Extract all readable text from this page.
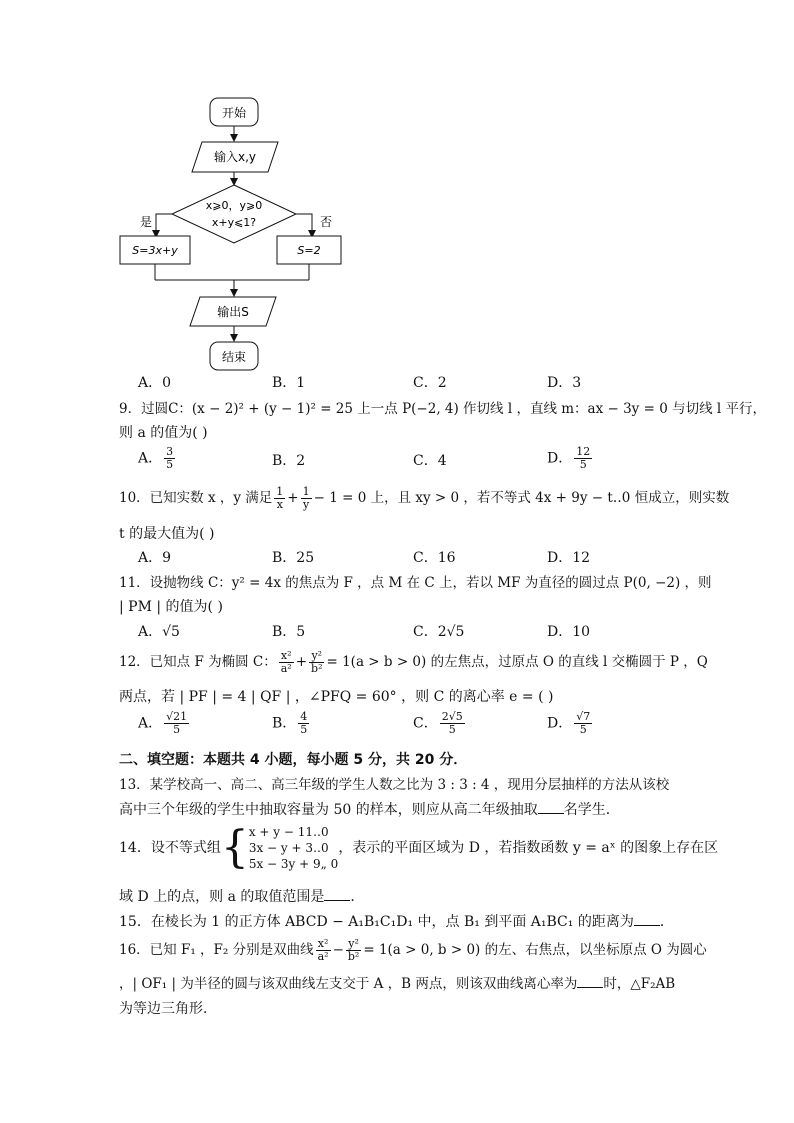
开始
输入x,y
x⩾0，y⩾0
x+y⩽1?
是
S=3x+y
否
S=2
输出S
结束
A．0	B．1	C．2	D．3
9．过圆C：(x − 2)² + (y − 1)² = 25 上一点 P(−2, 4) 作切线 l ，直线 m：ax − 3y = 0 与切线 l 平行，
则 a 的值为( )
A． $\frac{3}{5}$	B．2	C．4	D． $\frac{12}{5}$
10．已知实数 x ，y 满足 $\frac{1}{x} + \frac{1}{y} - 1 = 0$ 上，且 xy > 0 ，若不等式 4x + 9y − t‥0 恒成立，则实数
t 的最大值为( )
A．9	B．25	C．16	D．12
11．设抛物线 C：y² = 4x 的焦点为 F ，点 M 在 C 上，若以 MF 为直径的圆过点 P(0, −2) ，则
| PM | 的值为( )
A．√5	B．5	C．2√5	D．10
12．已知点 F 为椭圆 C： $\frac{\text{x²}}{\text{a²}} + \frac{\text{y²}}{\text{b²}} = 1(a > b > 0)$ 的左焦点，过原点 O 的直线 l 交椭圆于 P ，Q
两点，若 | PF | = 4 | QF | ，∠PFQ = 60° ，则 C 的离心率 e = ( )
A． $\frac{√21}{5}$	B． $\frac{4}{5}$	C． $\frac{2√5}{5}$	D． $\frac{√7}{5}$
二、填空题：本题共 4 小题，每小题 5 分，共 20 分．
13．某学校高一、高二、高三年级的学生人数之比为 3 : 3 : 4 ，现用分层抽样的方法从该校
高中三个年级的学生中抽取容量为 50 的样本，则应从高二年级抽取 名学生．
14．设不等式组{ x + y − 11‥0
3x − y + 3‥0
5x − 3y + 9„ 0
，表示的平面区域为 D ，若指数函数 y = aˣ 的图象上存在区
域 D 上的点，则 a 的取值范围是 ．
15．在棱长为 1 的正方体 ABCD − A₁B₁C₁D₁ 中，点 B₁ 到平面 A₁BC₁ 的距离为 ．
16．已知 F₁ ，F₂ 分别是双曲线 $\frac{\text{x²}}{\text{a²}} - \frac{\text{y²}}{\text{b²}} = 1(a > 0$, b > 0) 的左、右焦点，以坐标原点 O 为圆心
，| OF₁ | 为半径的圆与该双曲线左支交于 A ，B 两点，则该双曲线离心率为 时，△F₂AB
为等边三角形．
